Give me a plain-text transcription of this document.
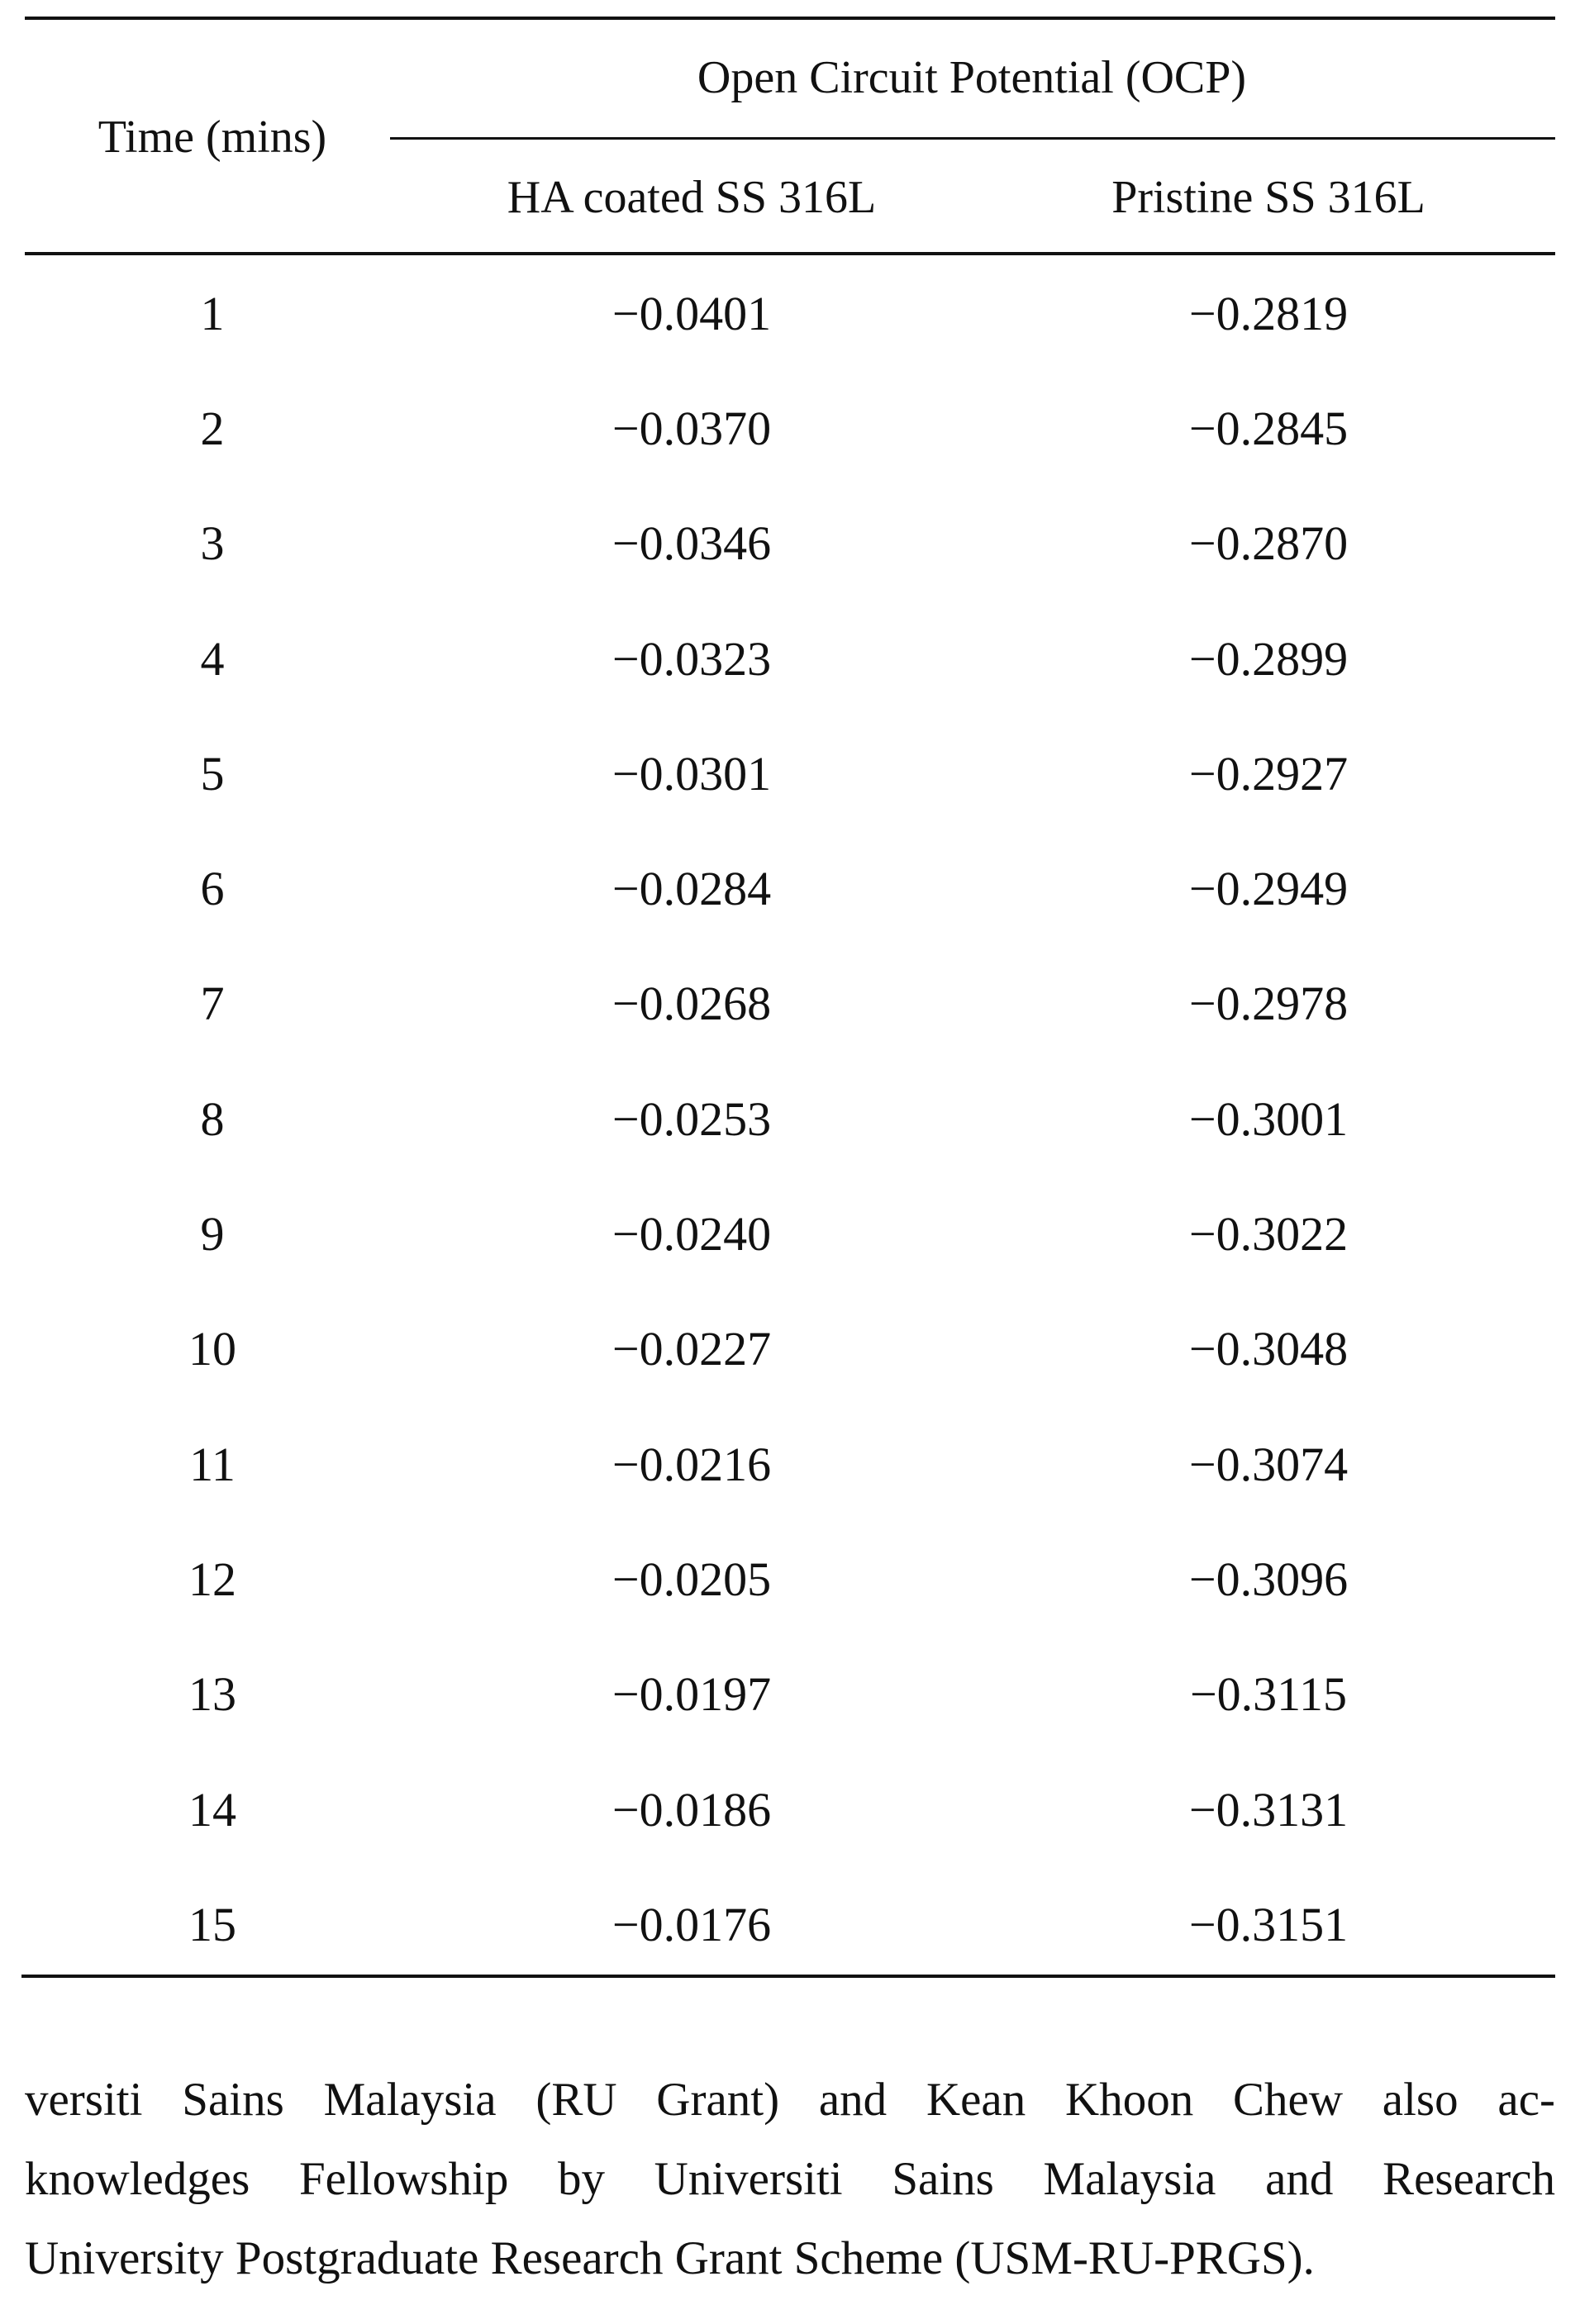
Time (mins)
Open Circuit Potential (OCP)
HA coated SS 316L	Pristine SS 316L
1	−0.0401	−0.2819
2	−0.0370	−0.2845
3	−0.0346	−0.2870
4	−0.0323	−0.2899
5	−0.0301	−0.2927
6	−0.0284	−0.2949
7	−0.0268	−0.2978
8	−0.0253	−0.3001
9	−0.0240	−0.3022
10	−0.0227	−0.3048
11	−0.0216	−0.3074
12	−0.0205	−0.3096
13	−0.0197	−0.3115
14	−0.0186	−0.3131
15	−0.0176	−0.3151
versiti Sains Malaysia (RU Grant) and Kean Khoon Chew also ac-
knowledges Fellowship by Universiti Sains Malaysia and Research
University Postgraduate Research Grant Scheme (USM-RU-PRGS).
